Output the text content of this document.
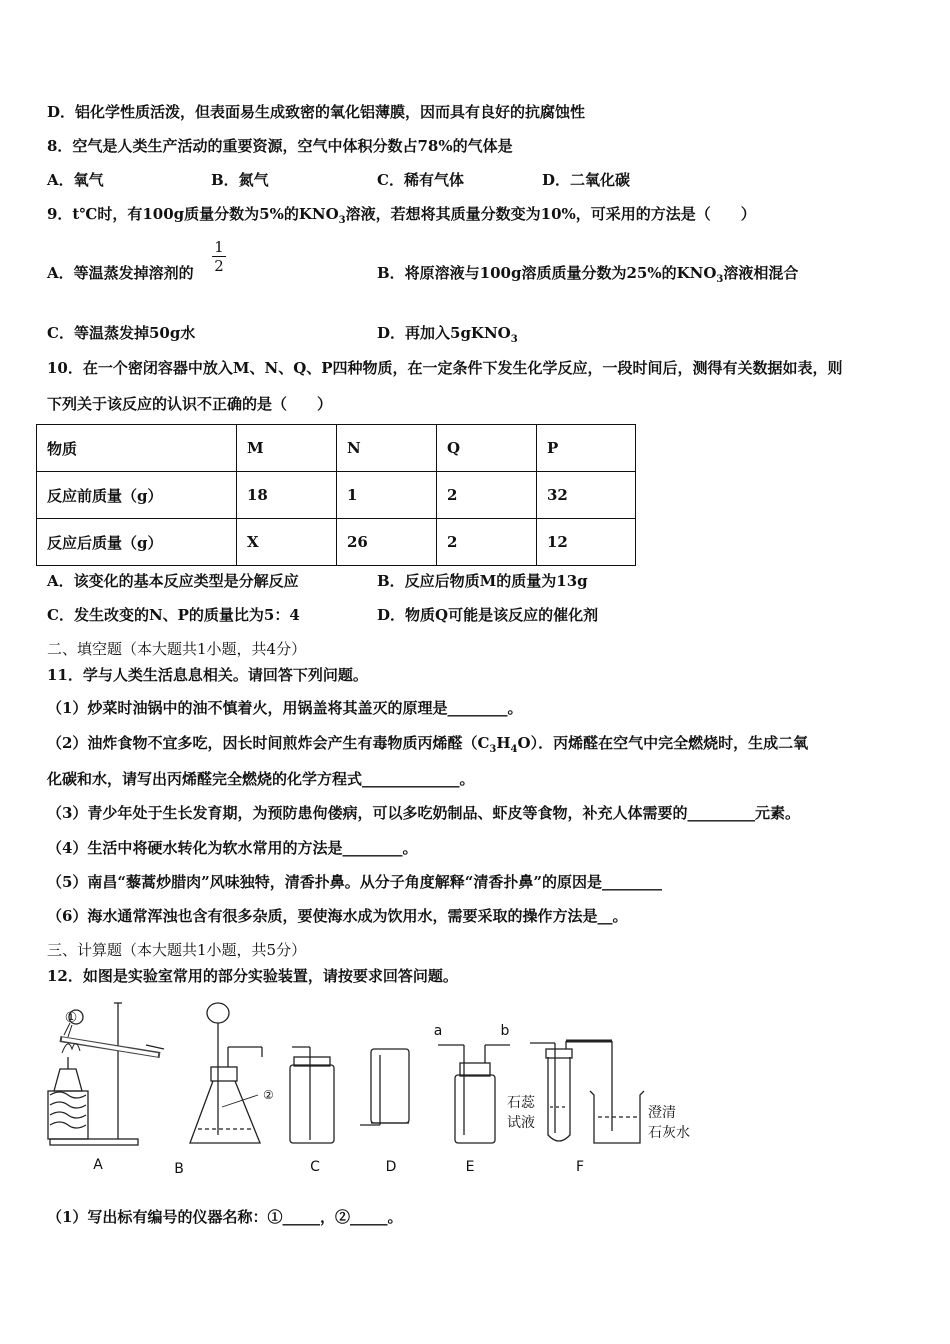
D．铝化学性质活泼，但表面易生成致密的氧化铝薄膜，因而具有良好的抗腐蚀性
8．空气是人类生产活动的重要资源，空气中体积分数占78%的气体是
A．氧气	B．氮气	C．稀有气体	D．二氧化碳
9．t℃时，有100g质量分数为5%的$KNO_3$溶液，若想将其质量分数变为10%，可采用的方法是（　　）
A．等温蒸发掉溶剂的 $\frac{1}{2}$	B．将原溶液与100g溶质质量分数为25%的$KNO_3$溶液相混合
C．等温蒸发掉50g水	D．再加入5gKNO$_3$
10．在一个密闭容器中放入M、N、Q、P四种物质，在一定条件下发生化学反应，一段时间后，测得有关数据如表，则
下列关于该反应的认识不正确的是（　　）
物质	M	N	Q	P
反应前质量（g）	18	1	2	32
反应后质量（g）	X	26	2	12
A．该变化的基本反应类型是分解反应	B．反应后物质M的质量为13g
C．发生改变的N、P的质量比为5：4	D．物质Q可能是该反应的催化剂
二、填空题（本大题共1小题，共4分）
11．学与人类生活息息相关。请回答下列问题。
（1）炒菜时油锅中的油不慎着火，用锅盖将其盖灭的原理是________。
（2）油炸食物不宜多吃，因长时间煎炸会产生有毒物质丙烯醛$(C_3H_4O)$．丙烯醛在空气中完全燃烧时，生成二氧
化碳和水，请写出丙烯醛完全燃烧的化学方程式_____________。
（3）青少年处于生长发育期，为预防患佝偻病，可以多吃奶制品、虾皮等食物，补充人体需要的_________元素。
（4）生活中将硬水转化为软水常用的方法是________。
（5）南昌“藜蒿炒腊肉”风味独特，清香扑鼻。从分子角度解释“清香扑鼻”的原因是________
（6）海水通常浑浊也含有很多杂质，要使海水成为饮用水，需要采取的操作方法是__。
三、计算题（本大题共1小题，共5分）
12．如图是实验室常用的部分实验装置，请按要求回答问题。
①
A
②
B	C	D
a	b
E
石蕊
试液
澄清
石灰水
F
（1）写出标有编号的仪器名称：①_____，②_____。
